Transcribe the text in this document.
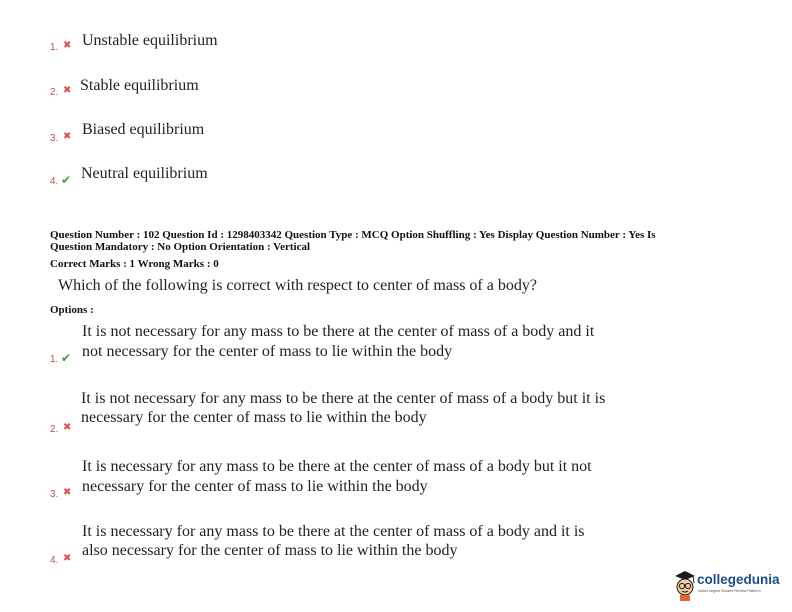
1. ✖ Unstable equilibrium
2. ✖ Stable equilibrium
3. ✖ Biased equilibrium
4. ✔ Neutral equilibrium
Question Number : 102 Question Id : 1298403342 Question Type : MCQ Option Shuffling : Yes Display Question Number : Yes Is
Question Mandatory : No Option Orientation : Vertical
Correct Marks : 1 Wrong Marks : 0
Which of the following is correct with respect to center of mass of a body?
Options :
It is not necessary for any mass to be there at the center of mass of a body and it
not necessary for the center of mass to lie within the body
1. ✔
It is not necessary for any mass to be there at the center of mass of a body but it is
necessary for the center of mass to lie within the body
2. ✖
It is necessary for any mass to be there at the center of mass of a body but it not
necessary for the center of mass to lie within the body
3. ✖
It is necessary for any mass to be there at the center of mass of a body and it is
also necessary for the center of mass to lie within the body
4. ✖
collegedunia
India's largest Student Review Platform
